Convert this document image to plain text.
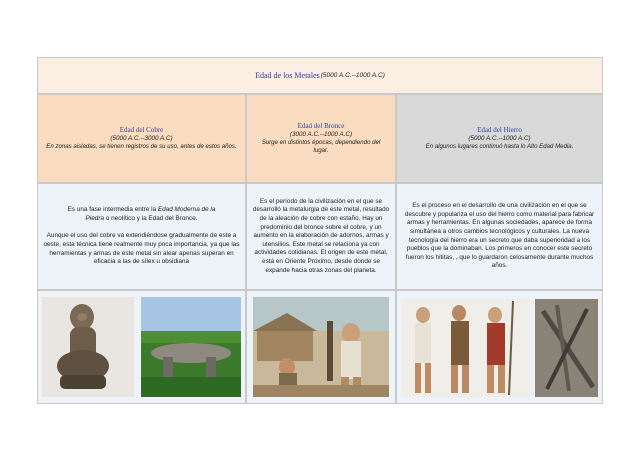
Edad de los Metales (5000 A.C.--1000 A.C)
Edad del Cobre
(5000 A.C.--3000 A.C)
En zonas aisladas, se tienen registros de su uso, antes de estos años.
Edad del Bronce
(3000 A.C.--1000 A.C)
Surge en distintos épocas, dependiendo del lugar.
Edad del Hierro
(5000 A.C.--1000 A.C)
En algunos lugares continuó hasta lo Alto Edad Media.
Es una fase intermedia entre la Edad Moderna de la Piedra o neolítico y la Edad del Bronce.
Aunque el uso del cobre va extendiéndose gradualmente de este a oeste, esta técnica tiene realmente muy poca importancia, ya que las herramientas y armas de este metal sin alear apenas superan en eficacia a las de sílex u obsidiana
Es el período de la civilización en el que se desarrolló la metalurgia de este metal, resultado de la aleación de cobre con estaño. Hay un predominio del bronce sobre el cobre, y un aumento en la elaboración de adornos, armas y utensilios. Este metal se relaciona ya con actividades cotidianas. El origen de este metal, está en Oriente Próximo, desde donde se expande hacia otras zonas del planeta.
Es el proceso en el desarrollo de una civilización en el que se descubre y populariza el uso del hierro como material para fabricar armas y herramientas. En algunas sociedades, aparece de forma simultánea a otros cambios tecnológicos y culturales. La nueva tecnología del hierro era un secreto que daba superioridad a los pueblos que la dominaban. Los primeros en conocer este secreto fueron los hititas, , que lo guardaron celosamente durante muchos años.
